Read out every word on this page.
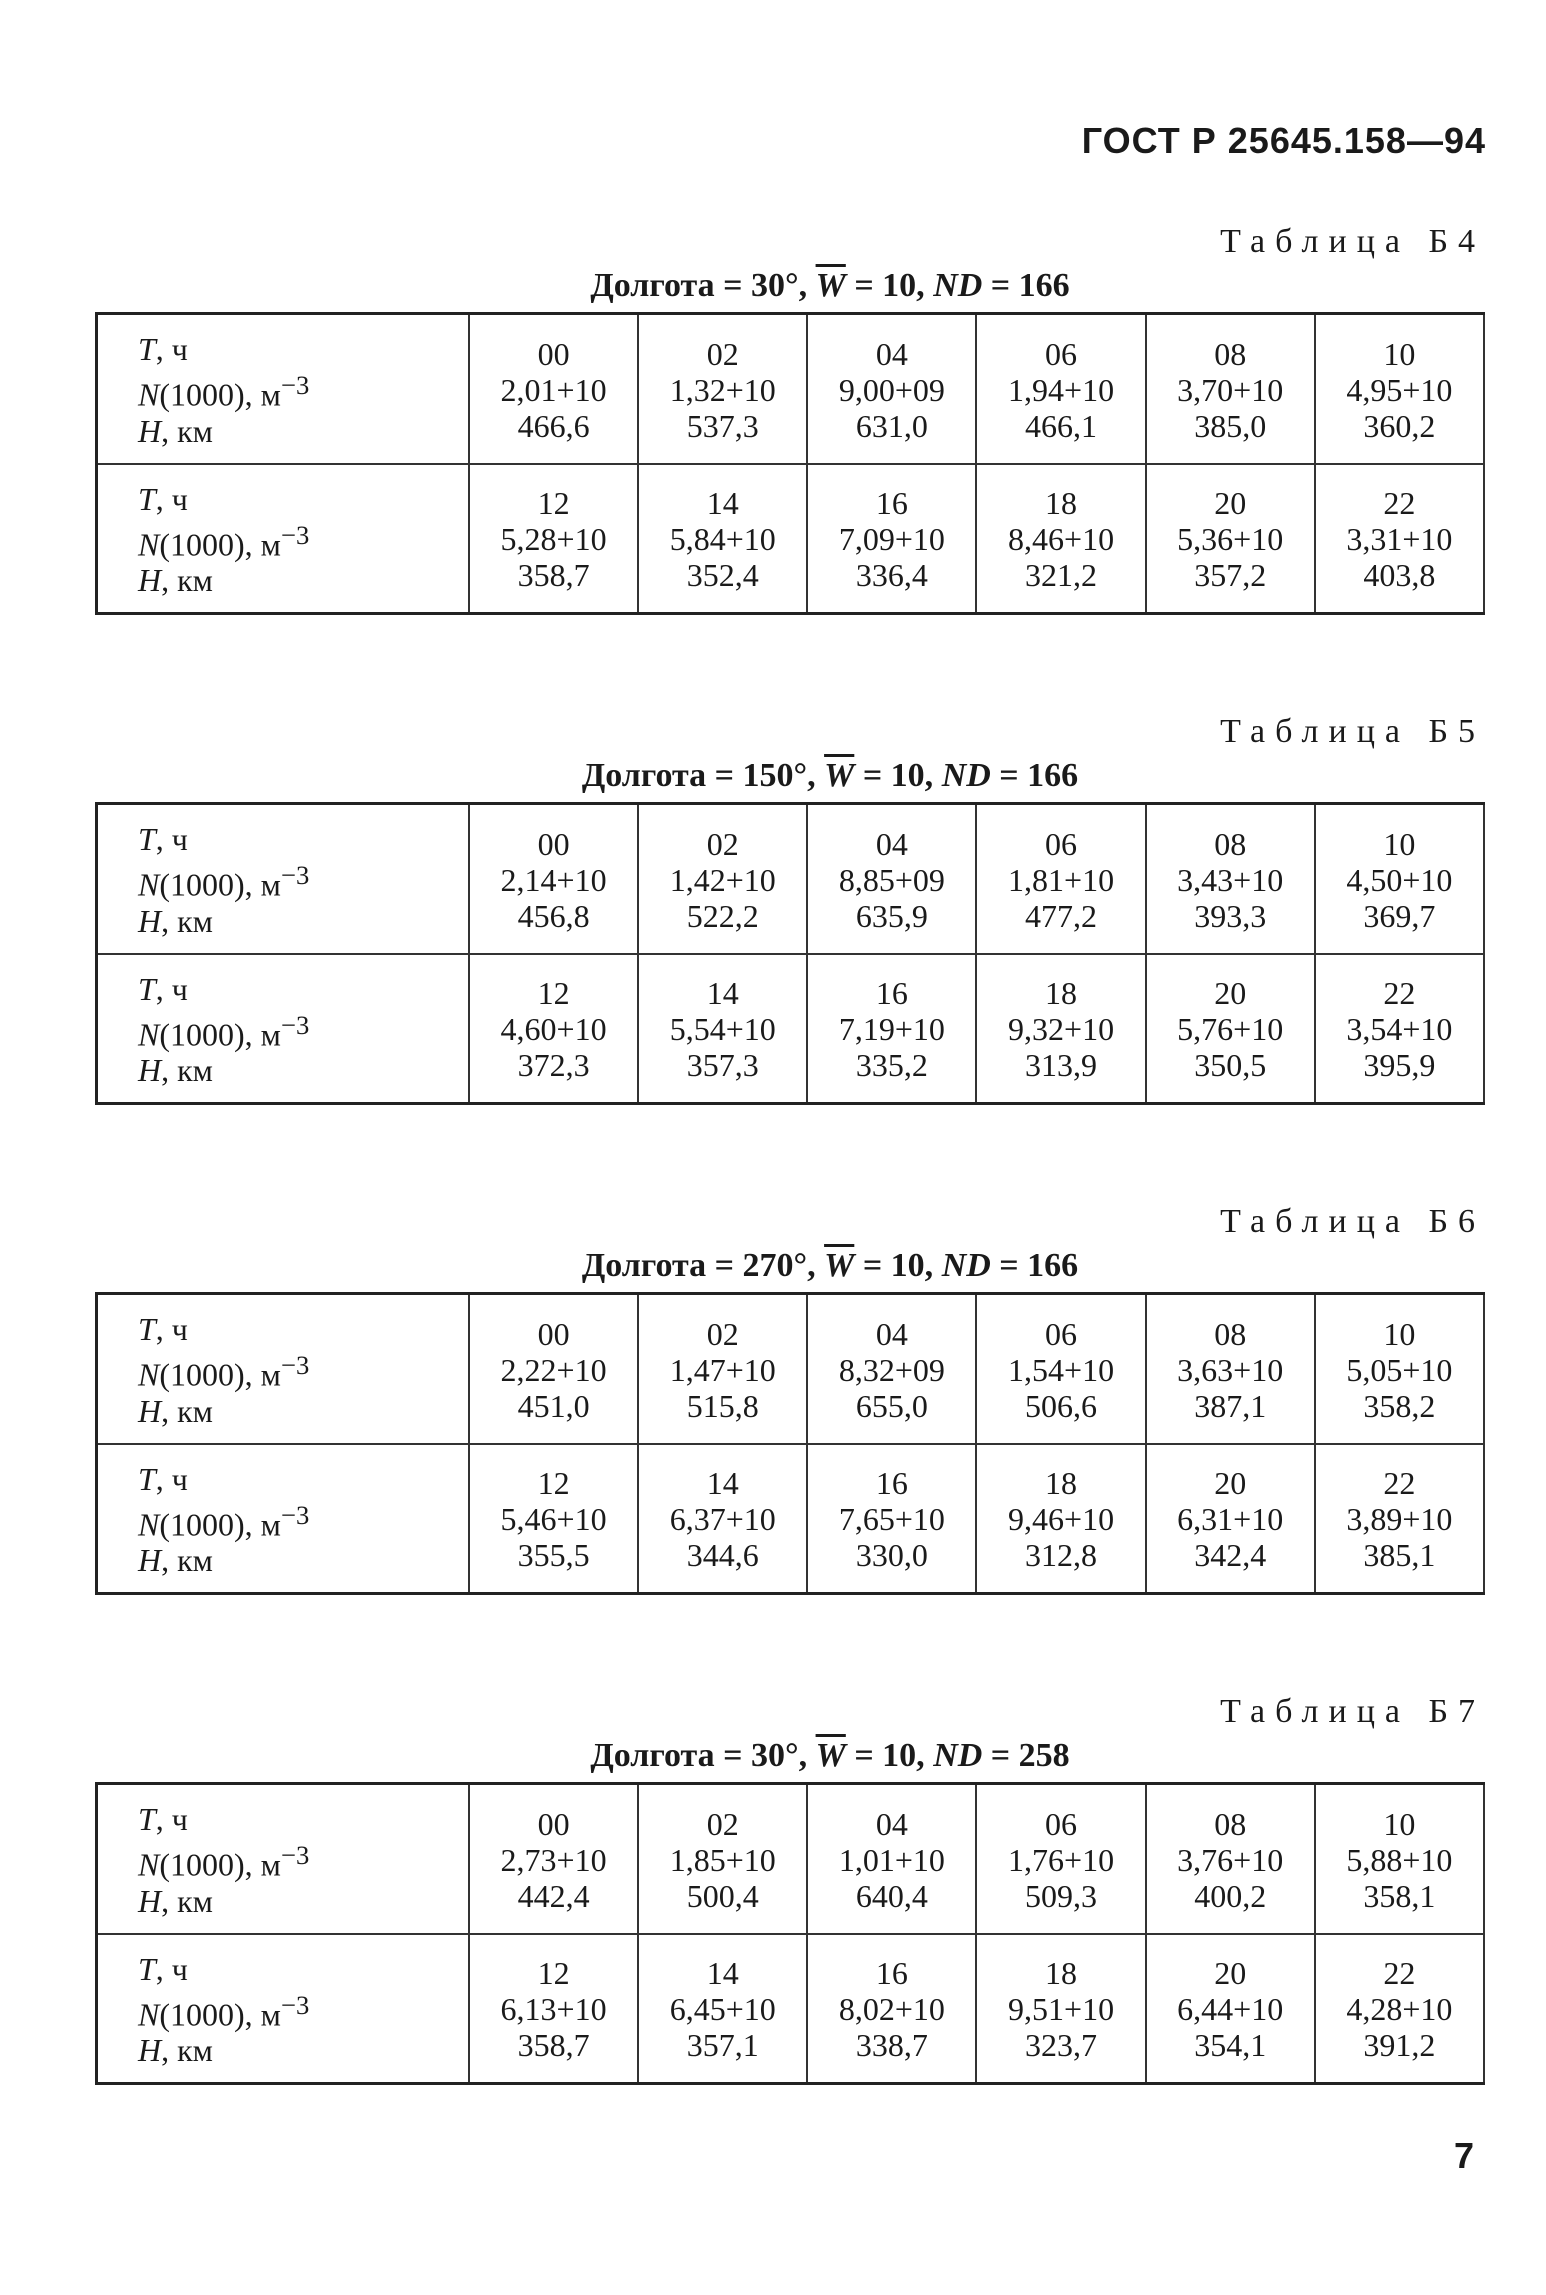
ГОСТ Р 25645.158—94
Таблица Б4
Долгота = 30°, $\overline{W} = 10$, ND = 166
T, ч
N(1000), $м^{-3}$
H, км	00
2,01+10
466,6	02
1,32+10
537,3	04
9,00+09
631,0	06
1,94+10
466,1	08
3,70+10
385,0	10
4,95+10
360,2

T, ч
N(1000), $м^{-3}$
H, км	12
5,28+10
358,7	14
5,84+10
352,4	16
7,09+10
336,4	18
8,46+10
321,2	20
5,36+10
357,2	22
3,31+10
403,8
Таблица Б5
Долгота = 150°, $\overline{W} = 10$, ND = 166
T, ч
N(1000), $м^{-3}$
H, км	00
2,14+10
456,8	02
1,42+10
522,2	04
8,85+09
635,9	06
1,81+10
477,2	08
3,43+10
393,3	10
4,50+10
369,7

T, ч
N(1000), $м^{-3}$
H, км	12
4,60+10
372,3	14
5,54+10
357,3	16
7,19+10
335,2	18
9,32+10
313,9	20
5,76+10
350,5	22
3,54+10
395,9
Таблица Б6
Долгота = 270°, $\overline{W} = 10$, ND = 166
T, ч
N(1000), $м^{-3}$
H, км	00
2,22+10
451,0	02
1,47+10
515,8	04
8,32+09
655,0	06
1,54+10
506,6	08
3,63+10
387,1	10
5,05+10
358,2

T, ч
N(1000), $м^{-3}$
H, км	12
5,46+10
355,5	14
6,37+10
344,6	16
7,65+10
330,0	18
9,46+10
312,8	20
6,31+10
342,4	22
3,89+10
385,1
Таблица Б7
Долгота = 30°, $\overline{W} = 10$, ND = 258
T, ч
N(1000), $м^{-3}$
H, км	00
2,73+10
442,4	02
1,85+10
500,4	04
1,01+10
640,4	06
1,76+10
509,3	08
3,76+10
400,2	10
5,88+10
358,1

T, ч
N(1000), $м^{-3}$
H, км	12
6,13+10
358,7	14
6,45+10
357,1	16
8,02+10
338,7	18
9,51+10
323,7	20
6,44+10
354,1	22
4,28+10
391,2
7
